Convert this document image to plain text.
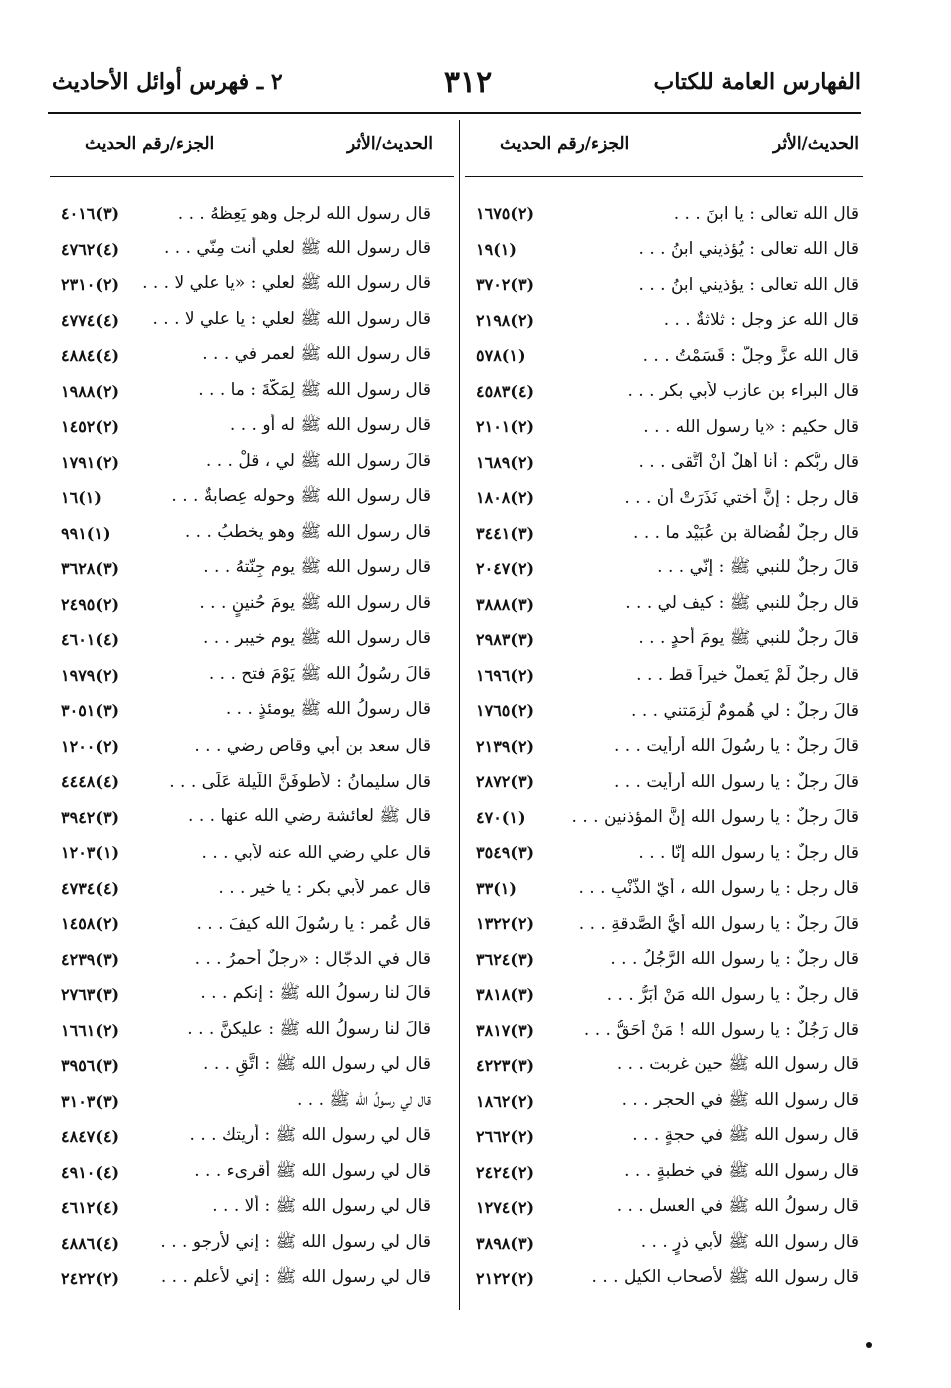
الفهارس العامة للكتاب
٣١٢
٢ ـ فهرس أوائل الأحاديث
الحديث/الأثر
الجزء/رقم الحديث
الحديث/الأثر
الجزء/رقم الحديث
قال الله تعالى : يا ابنَ . . .
(٢)١٦٧٥
قال الله تعالى : يُؤذيني ابنُ . . .
(١)١٩
قال الله تعالى : يؤذيني ابنُ . . .
(٣)٣٧٠٢
قال الله عز وجل : ثلاثةٌ . . .
(٢)٢١٩٨
قال الله عزَّ وجلَّ : قَسَمْتُ . . .
(١)٥٧٨
قال البراء بن عازب لأبي بكر . . .
(٤)٤٥٨٣
قال حكيم : «يا رسول الله . . .
(٢)٢١٠١
قال ربُّكم : أنا أهلٌ أنْ أُتَّقى . . .
(٢)١٦٨٩
قال رجل : إنَّ أختي نَذَرَتْ أن . . .
(٢)١٨٠٨
قال رجلٌ لفُضالة بن عُبَيْد ما . . .
(٣)٣٤٤١
قالَ رجلٌ للنبي ﷺ : إنّي . . .
(٢)٢٠٤٧
قال رجلٌ للنبي ﷺ : كيف لي . . .
(٣)٣٨٨٨
قالَ رجلٌ للنبي ﷺ يومَ أحدٍ . . .
(٣)٢٩٨٣
قال رجلٌ لَمْ يَعملْ خيراً قط . . .
(٢)١٦٩٦
قالَ رجلٌ : لي هُمومٌ لَزِمَتني . . .
(٢)١٧٦٥
قالَ رجلٌ : يا رسُولَ الله أرأيت . . .
(٢)٢١٣٩
قالَ رجلٌ : يا رسول الله أرأيت . . .
(٣)٢٨٧٢
قالَ رجلٌ : يا رسول الله إنَّ المؤذنين . . .
(١)٤٧٠
قال رجلٌ : يا رسول الله إنّا . . .
(٣)٣٥٤٩
قال رجل : يا رسول الله ، أيّ الذَّنْبِ . . .
(١)٣٣
قالَ رجلٌ : يا رسول الله أيُّ الصَّدقةِ . . .
(٢)١٣٢٢
قال رجلٌ : يا رسول الله الرَّجُلُ . . .
(٣)٣٦٢٤
قال رجلٌ : يا رسول الله مَنْ أبَرُّ . . .
(٣)٣٨١٨
قال رَجُلٌ : يا رسول الله ! مَنْ أحَقُّ . . .
(٣)٣٨١٧
قال رسول الله ﷺ حين غربت . . .
(٣)٤٢٢٣
قال رسول الله ﷺ في الحجر . . .
(٢)١٨٦٢
قال رسول الله ﷺ في حجةٍ . . .
(٢)٢٦٦٢
قال رسول الله ﷺ في خطبةٍ . . .
(٢)٢٤٢٤
قال رسولُ الله ﷺ في العسل . . .
(٢)١٢٧٤
قال رسول الله ﷺ لأبي ذرٍ . . .
(٣)٣٨٩٨
قال رسول الله ﷺ لأصحاب الكيل . . .
(٢)٢١٢٢
قال رسول الله لرجل وهو يَعِظهُ . . .
(٣)٤٠١٦
قال رسول الله ﷺ لعلي أنت مِنّي . . .
(٤)٤٧٦٢
قال رسول الله ﷺ لعلي : «يا علي لا . . .
(٢)٢٣١٠
قال رسول الله ﷺ لعلي : يا علي لا . . .
(٤)٤٧٧٤
قال رسول الله ﷺ لعمر في . . .
(٤)٤٨٨٤
قال رسول الله ﷺ لِمَكَّةَ : ما . . .
(٢)١٩٨٨
قال رسول الله ﷺ له أو . . .
(٢)١٤٥٢
قالَ رسول الله ﷺ لي ، قلْ . . .
(٢)١٧٩١
قال رسول الله ﷺ وحوله عِصابةٌ . . .
(١)١٦
قال رسول الله ﷺ وهو يخطبُ . . .
(١)٩٩١
قال رسول الله ﷺ يوم جِنّتهُ . . .
(٣)٣٦٢٨
قال رسول الله ﷺ يومَ حُنينٍ . . .
(٢)٢٤٩٥
قال رسول الله ﷺ يوم خيبر . . .
(٤)٤٦٠١
قالَ رسُولُ الله ﷺ يَوْمَ فتح . . .
(٢)١٩٧٩
قال رسولُ الله ﷺ يومئذٍ . . .
(٣)٣٠٥١
قال سعد بن أبي وقاص رضي . . .
(٢)١٢٠٠
قال سليمانُ : لأطوفَنَّ اللَّيلة عَلَى . . .
(٤)٤٤٤٨
قال ﷺ لعائشة رضي الله عنها . . .
(٣)٣٩٤٢
قال علي رضي الله عنه لأبي . . .
(١)١٢٠٣
قال عمر لأبي بكر : يا خير . . .
(٤)٤٧٣٤
قال عُمر : يا رسُولَ الله كيفَ . . .
(٢)١٤٥٨
قال في الدجّال : «رجلٌ أحمرُ . . .
(٣)٤٢٣٩
قالَ لنا رسولُ الله ﷺ : إنكم . . .
(٣)٢٧٦٣
قالَ لنا رسولُ الله ﷺ : عليكنَّ . . .
(٢)١٦٦١
قال لي رسول الله ﷺ : اتَّقِ . . .
(٣)٣٩٥٦
قال لي رسولُ الله ﷺ . . .
(٣)٣١٠٣
قال لي رسول الله ﷺ : أُريتك . . .
(٤)٤٨٤٧
قال لي رسول الله ﷺ أقرىء . . .
(٤)٤٩١٠
قال لي رسول الله ﷺ : ألا . . .
(٤)٤٦١٢
قال لي رسول الله ﷺ : إني لأرجو . . .
(٤)٤٨٨٦
قال لي رسول الله ﷺ : إني لأعلم . . .
(٢)٢٤٢٢
